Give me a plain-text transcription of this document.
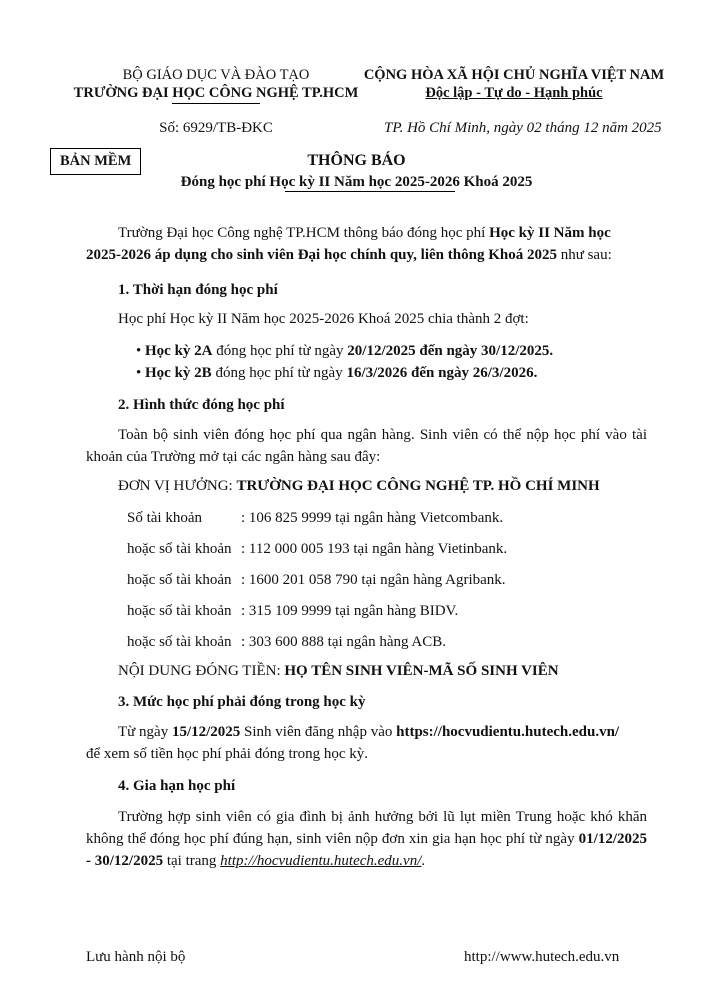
BỘ GIÁO DỤC VÀ ĐÀO TẠO
TRƯỜNG ĐẠI HỌC CÔNG NGHỆ TP.HCM
CỘNG HÒA XÃ HỘI CHỦ NGHĨA VIỆT NAM
Độc lập - Tự do - Hạnh phúc
Số: 6929/TB-ĐKC	TP. Hồ Chí Minh, ngày 02 tháng 12 năm 2025
BẢN MỀM	THÔNG BÁO
Đóng học phí Học kỳ II Năm học 2025-2026 Khoá 2025
Trường Đại học Công nghệ TP.HCM thông báo đóng học phí Học kỳ II Năm học
2025-2026 áp dụng cho sinh viên Đại học chính quy, liên thông Khoá 2025 như sau:
1. Thời hạn đóng học phí
Học phí Học kỳ II Năm học 2025-2026 Khoá 2025 chia thành 2 đợt:
• Học kỳ 2A đóng học phí từ ngày 20/12/2025 đến ngày 30/12/2025.
• Học kỳ 2B đóng học phí từ ngày 16/3/2026 đến ngày 26/3/2026.
2. Hình thức đóng học phí
Toàn bộ sinh viên đóng học phí qua ngân hàng. Sinh viên có thể nộp học phí vào tài khoản của Trường mở tại các ngân hàng sau đây:
ĐƠN VỊ HƯỞNG: TRƯỜNG ĐẠI HỌC CÔNG NGHỆ TP. HỒ CHÍ MINH
Số tài khoản	: 106 825 9999 tại ngân hàng Vietcombank.
hoặc số tài khoản : 112 000 005 193 tại ngân hàng Vietinbank.
hoặc số tài khoản : 1600 201 058 790 tại ngân hàng Agribank.
hoặc số tài khoản : 315 109 9999 tại ngân hàng BIDV.
hoặc số tài khoản : 303 600 888 tại ngân hàng ACB.
NỘI DUNG ĐÓNG TIỀN: HỌ TÊN SINH VIÊN-MÃ SỐ SINH VIÊN
3. Mức học phí phải đóng trong học kỳ
Từ ngày 15/12/2025 Sinh viên đăng nhập vào https://hocvudientu.hutech.edu.vn/
để xem số tiền học phí phải đóng trong học kỳ.
4. Gia hạn học phí
Trường hợp sinh viên có gia đình bị ảnh hưởng bởi lũ lụt miền Trung hoặc khó khăn không thể đóng học phí đúng hạn, sinh viên nộp đơn xin gia hạn học phí từ ngày 01/12/2025 - 30/12/2025 tại trang http://hocvudientu.hutech.edu.vn/.
Lưu hành nội bộ	http://www.hutech.edu.vn
